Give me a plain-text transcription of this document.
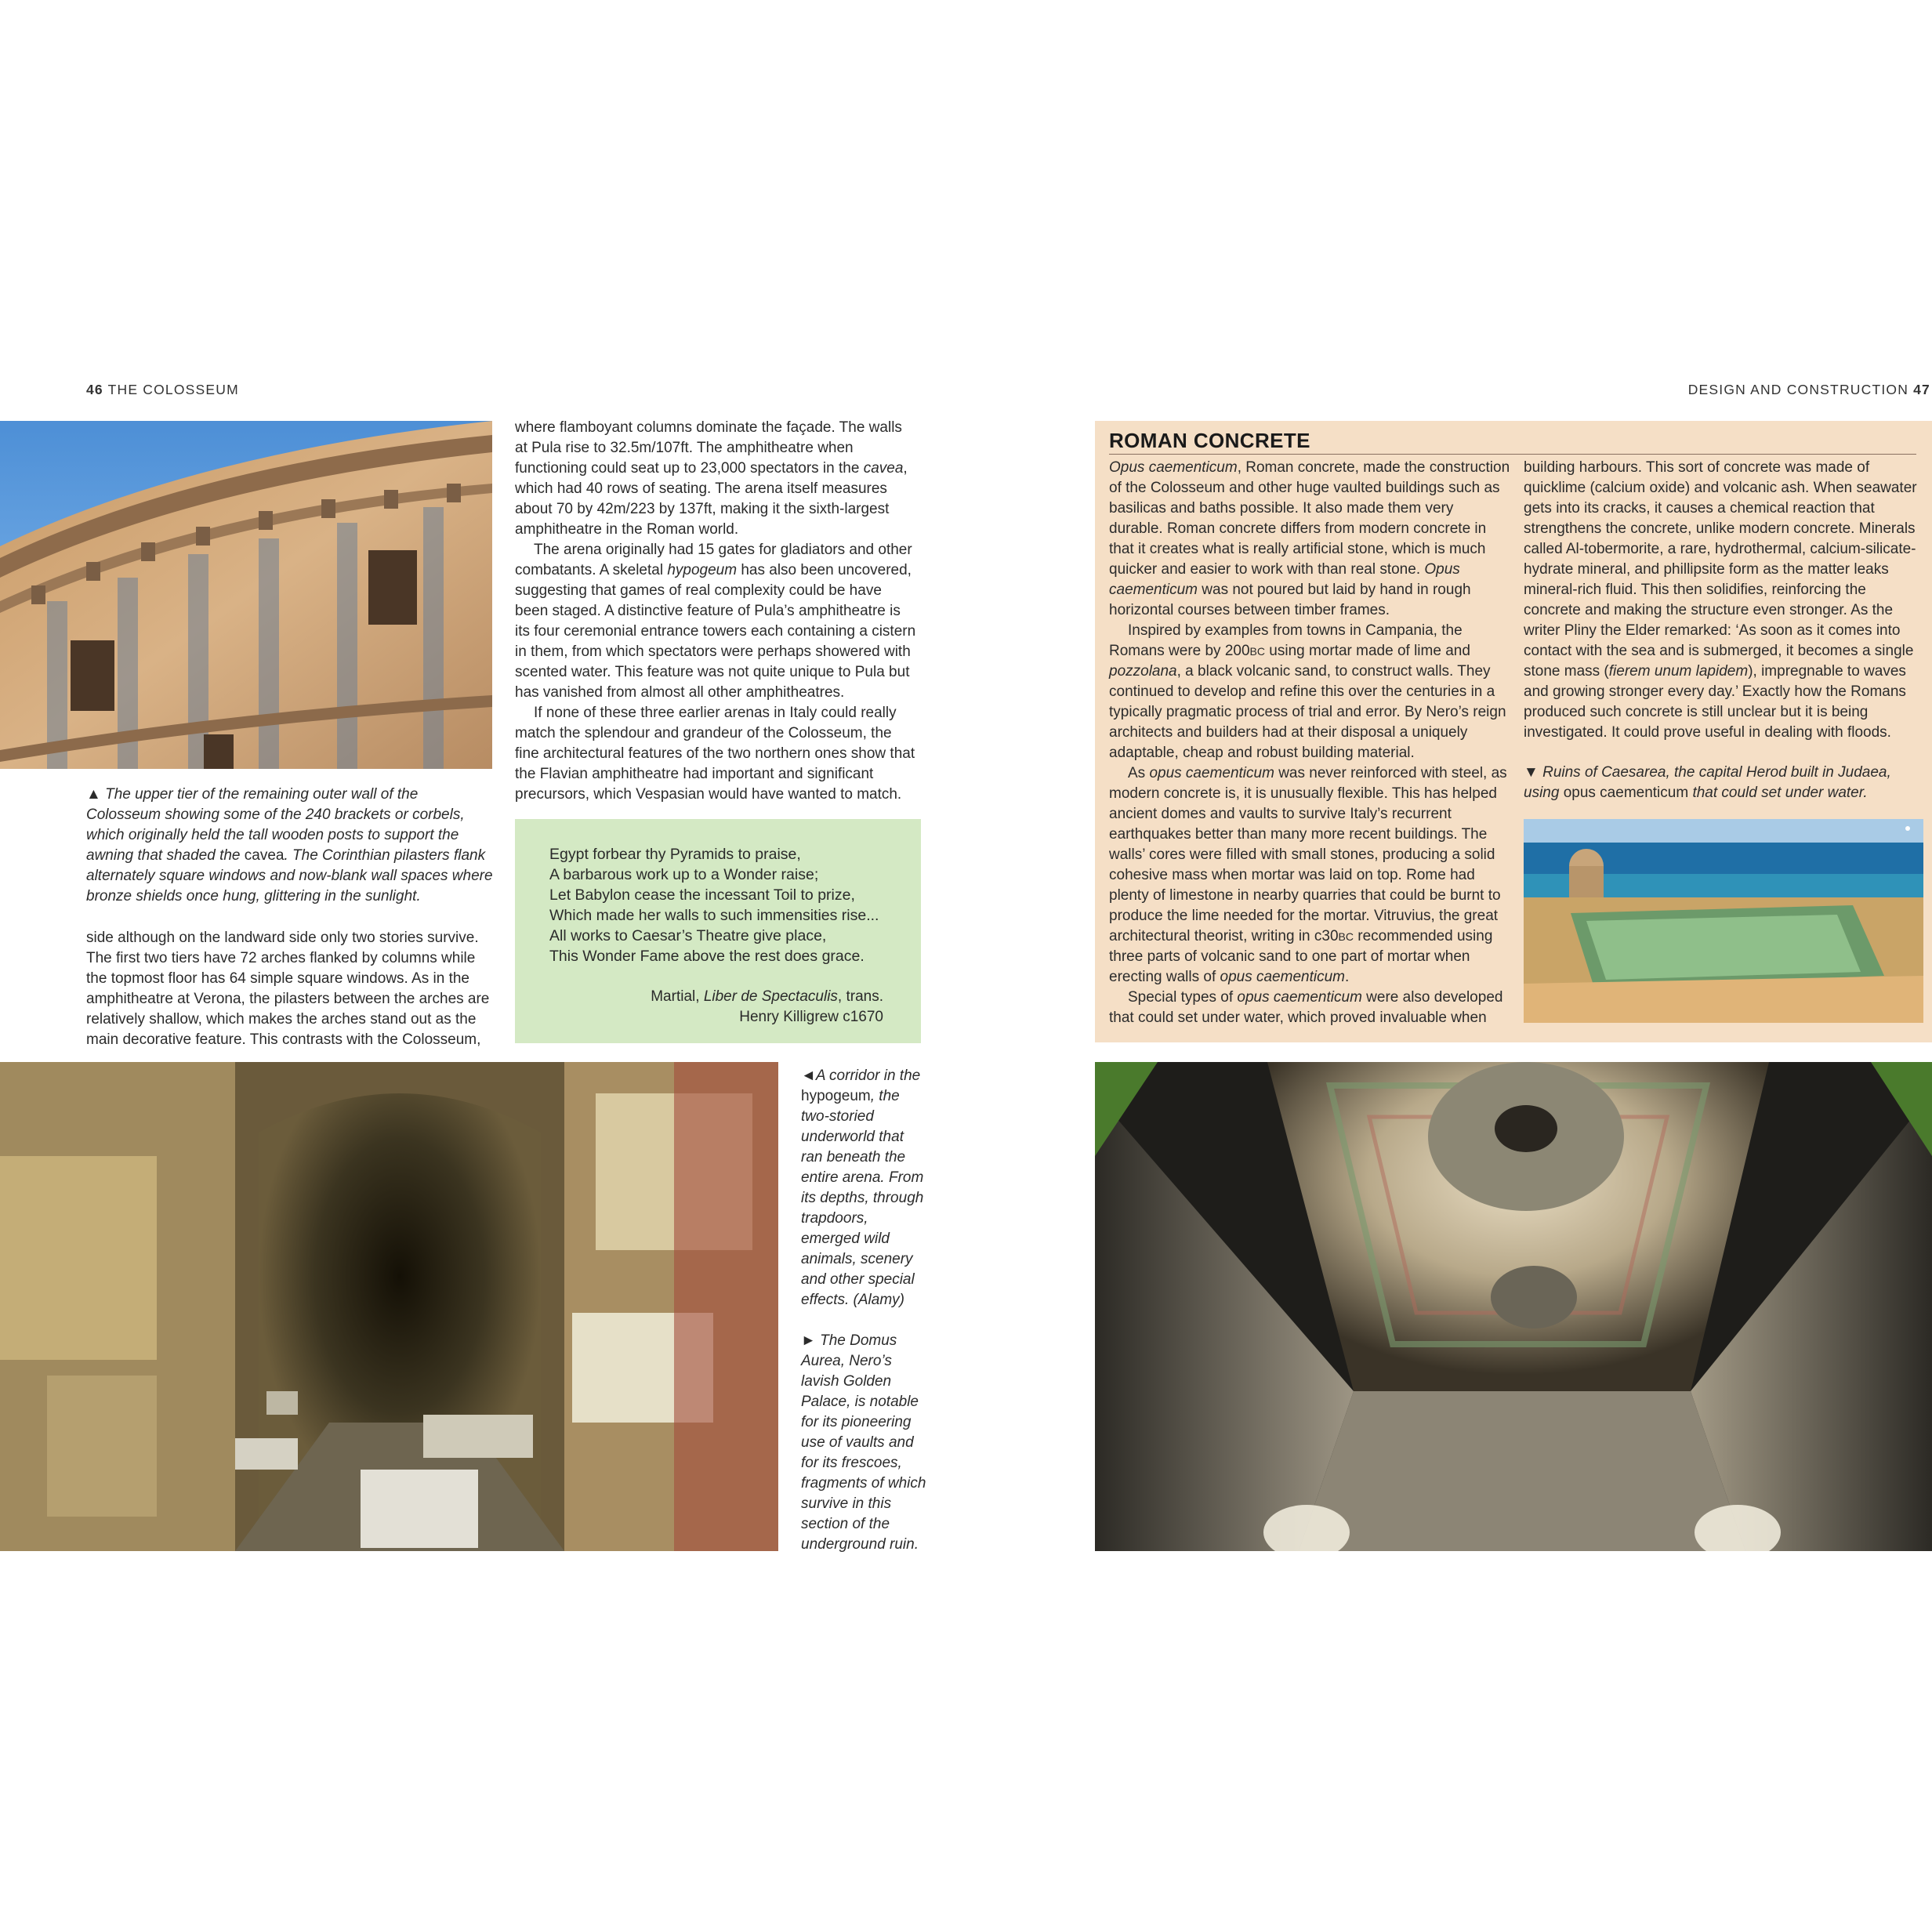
46 THE COLOSSEUM	DESIGN AND CONSTRUCTION 47
▲ The upper tier of the remaining outer wall of the Colosseum showing some of the 240 brackets or corbels, which originally held the tall wooden posts to support the awning that shaded the cavea. The Corinthian pilasters flank alternately square windows and now-blank wall spaces where bronze shields once hung, glittering in the sunlight.

side although on the landward side only two stories survive. The first two tiers have 72 arches flanked by columns while the topmost floor has 64 simple square windows. As in the amphitheatre at Verona, the pilasters between the arches are relatively shallow, which makes the arches stand out as the main decorative feature. This contrasts with the Colosseum,

where flamboyant columns dominate the façade. The walls at Pula rise to 32.5m/107ft. The amphitheatre when functioning could seat up to 23,000 spectators in the cavea, which had 40 rows of seating. The arena itself measures about 70 by 42m/223 by 137ft, making it the sixth-largest amphitheatre in the Roman world.

The arena originally had 15 gates for gladiators and other combatants. A skeletal hypogeum has also been uncovered, suggesting that games of real complexity could be have been staged. A distinctive feature of Pula’s amphitheatre is its four ceremonial entrance towers each containing a cistern in them, from which spectators were perhaps showered with scented water. This feature was not quite unique to Pula but has vanished from almost all other amphitheatres.

If none of these three earlier arenas in Italy could really match the splendour and grandeur of the Colosseum, the fine architectural features of the two northern ones show that the Flavian amphitheatre had important and significant precursors, which Vespasian would have wanted to match.

Egypt forbear thy Pyramids to praise,

A barbarous work up to a Wonder raise;

Let Babylon cease the incessant Toil to prize,

Which made her walls to such immensities rise...

All works to Caesar’s Theatre give place,

This Wonder Fame above the rest does grace.

Martial, Liber de Spectaculis, trans.
Henry Killigrew c1670
◄A corridor in the hypogeum, the two-storied underworld that ran beneath the entire arena. From its depths, through trapdoors, emerged wild animals, scenery and other special effects. (Alamy)
► The Domus Aurea, Nero’s lavish Golden Palace, is notable for its pioneering use of vaults and for its frescoes, fragments of which survive in this section of the underground ruin.
ROMAN CONCRETE

Opus caementicum, Roman concrete, made the construction of the Colosseum and other huge vaulted buildings such as basilicas and baths possible. It also made them very durable. Roman concrete differs from modern concrete in that it creates what is really artificial stone, which is much quicker and easier to work with than real stone. Opus caementicum was not poured but laid by hand in rough horizontal courses between timber frames.

Inspired by examples from towns in Campania, the Romans were by 200BC using mortar made of lime and pozzolana, a black volcanic sand, to construct walls. They continued to develop and refine this over the centuries in a typically pragmatic process of trial and error. By Nero’s reign architects and builders had at their disposal a uniquely adaptable, cheap and robust building material.

As opus caementicum was never reinforced with steel, as modern concrete is, it is unusually flexible. This has helped ancient domes and vaults to survive Italy’s recurrent earthquakes better than many more recent buildings. The walls’ cores were filled with small stones, producing a solid cohesive mass when mortar was laid on top. Rome had plenty of limestone in nearby quarries that could be burnt to produce the lime needed for the mortar. Vitruvius, the great architectural theorist, writing in c30BC recommended using three parts of volcanic sand to one part of mortar when erecting walls of opus caementicum.

Special types of opus caementicum were also developed that could set under water, which proved invaluable when

building harbours. This sort of concrete was made of quicklime (calcium oxide) and volcanic ash. When seawater gets into its cracks, it causes a chemical reaction that strengthens the concrete, unlike modern concrete. Minerals called Al-tobermorite, a rare, hydrothermal, calcium-silicate-hydrate mineral, and phillipsite form as the matter leaks mineral-rich fluid. This then solidifies, reinforcing the concrete and making the structure even stronger. As the writer Pliny the Elder remarked: ‘As soon as it comes into contact with the sea and is submerged, it becomes a single stone mass (fierem unum lapidem), impregnable to waves and growing stronger every day.’ Exactly how the Romans produced such concrete is still unclear but it is being investigated. It could prove useful in dealing with floods.

▼ Ruins of Caesarea, the capital Herod built in Judaea, using opus caementicum that could set under water.
